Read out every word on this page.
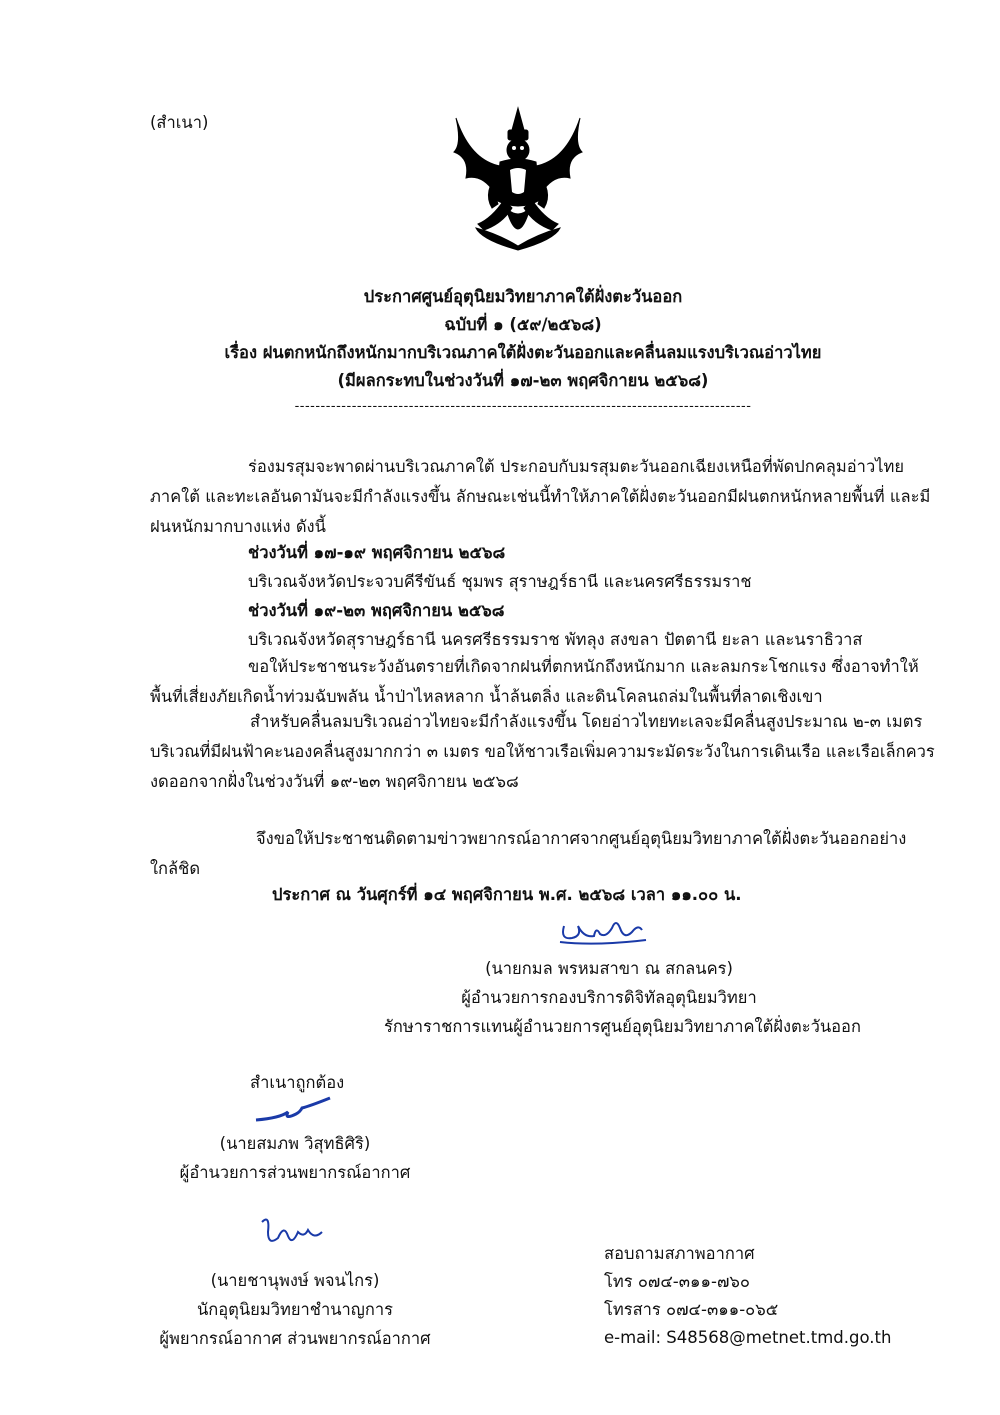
(สำเนา)
ประกาศศูนย์อุตุนิยมวิทยาภาคใต้ฝั่งตะวันออก
ฉบับที่ ๑ (๕๙/๒๕๖๘)
เรื่อง ฝนตกหนักถึงหนักมากบริเวณภาคใต้ฝั่งตะวันออกและคลื่นลมแรงบริเวณอ่าวไทย
(มีผลกระทบในช่วงวันที่ ๑๗-๒๓ พฤศจิกายน ๒๕๖๘)
----------------------------------------------------------------------------------------
ร่องมรสุมจะพาดผ่านบริเวณภาคใต้ ประกอบกับมรสุมตะวันออกเฉียงเหนือที่พัดปกคลุมอ่าวไทย
ภาคใต้ และทะเลอันดามันจะมีกำลังแรงขึ้น ลักษณะเช่นนี้ทำให้ภาคใต้ฝั่งตะวันออกมีฝนตกหนักหลายพื้นที่ และมี
ฝนหนักมากบางแห่ง ดังนี้
ช่วงวันที่ ๑๗-๑๙ พฤศจิกายน ๒๕๖๘
บริเวณจังหวัดประจวบคีรีขันธ์ ชุมพร สุราษฎร์ธานี และนครศรีธรรมราช
ช่วงวันที่ ๑๙-๒๓ พฤศจิกายน ๒๕๖๘
บริเวณจังหวัดสุราษฎร์ธานี นครศรีธรรมราช พัทลุง สงขลา ปัตตานี ยะลา และนราธิวาส
ขอให้ประชาชนระวังอันตรายที่เกิดจากฝนที่ตกหนักถึงหนักมาก และลมกระโชกแรง ซึ่งอาจทำให้
พื้นที่เสี่ยงภัยเกิดน้ำท่วมฉับพลัน น้ำป่าไหลหลาก น้ำล้นตลิ่ง และดินโคลนถล่มในพื้นที่ลาดเชิงเขา
สำหรับคลื่นลมบริเวณอ่าวไทยจะมีกำลังแรงขึ้น โดยอ่าวไทยทะเลจะมีคลื่นสูงประมาณ ๒-๓ เมตร
บริเวณที่มีฝนฟ้าคะนองคลื่นสูงมากกว่า ๓ เมตร ขอให้ชาวเรือเพิ่มความระมัดระวังในการเดินเรือ และเรือเล็กควร
งดออกจากฝั่งในช่วงวันที่ ๑๙-๒๓ พฤศจิกายน ๒๕๖๘
จึงขอให้ประชาชนติดตามข่าวพยากรณ์อากาศจากศูนย์อุตุนิยมวิทยาภาคใต้ฝั่งตะวันออกอย่าง
ใกล้ชิด
ประกาศ ณ วันศุกร์ที่ ๑๔ พฤศจิกายน พ.ศ. ๒๕๖๘ เวลา ๑๑.๐๐ น.
(นายกมล พรหมสาขา ณ สกลนคร)
ผู้อำนวยการกองบริการดิจิทัลอุตุนิยมวิทยา
รักษาราชการแทนผู้อำนวยการศูนย์อุตุนิยมวิทยาภาคใต้ฝั่งตะวันออก
สำเนาถูกต้อง
(นายสมภพ วิสุทธิศิริ)
ผู้อำนวยการส่วนพยากรณ์อากาศ
(นายชานุพงษ์ พจนไกร)
นักอุตุนิยมวิทยาชำนาญการ
ผู้พยากรณ์อากาศ ส่วนพยากรณ์อากาศ
สอบถามสภาพอากาศ
โทร ๐๗๔-๓๑๑-๗๖๐
โทรสาร ๐๗๔-๓๑๑-๐๖๕
e-mail: S48568@metnet.tmd.go.th
